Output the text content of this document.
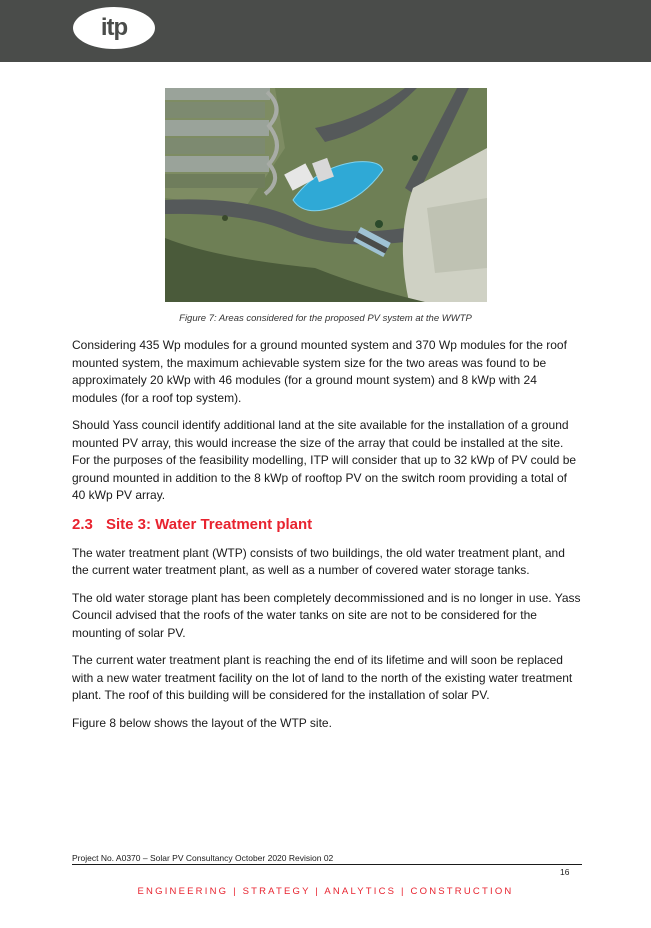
itp
Figure 7: Areas considered for the proposed PV system at the WWTP

Considering 435 Wp modules for a ground mounted system and 370 Wp modules for the roof mounted system, the maximum achievable system size for the two areas was found to be approximately 20 kWp with 46 modules (for a ground mount system) and 8 kWp with 24 modules (for a roof top system).

Should Yass council identify additional land at the site available for the installation of a ground mounted PV array, this would increase the size of the array that could be installed at the site. For the purposes of the feasibility modelling, ITP will consider that up to 32 kWp of PV could be ground mounted in addition to the 8 kWp of rooftop PV on the switch room providing a total of 40 kWp PV array.

2.3 Site 3: Water Treatment plant

The water treatment plant (WTP) consists of two buildings, the old water treatment plant, and the current water treatment plant, as well as a number of covered water storage tanks.

The old water storage plant has been completely decommissioned and is no longer in use. Yass Council advised that the roofs of the water tanks on site are not to be considered for the mounting of solar PV.

The current water treatment plant is reaching the end of its lifetime and will soon be replaced with a new water treatment facility on the lot of land to the north of the existing water treatment plant. The roof of this building will be considered for the installation of solar PV.

Figure 8 below shows the layout of the WTP site.

Project No. A0370 – Solar PV Consultancy October 2020 Revision 02
16
ENGINEERING | STRATEGY | ANALYTICS | CONSTRUCTION
